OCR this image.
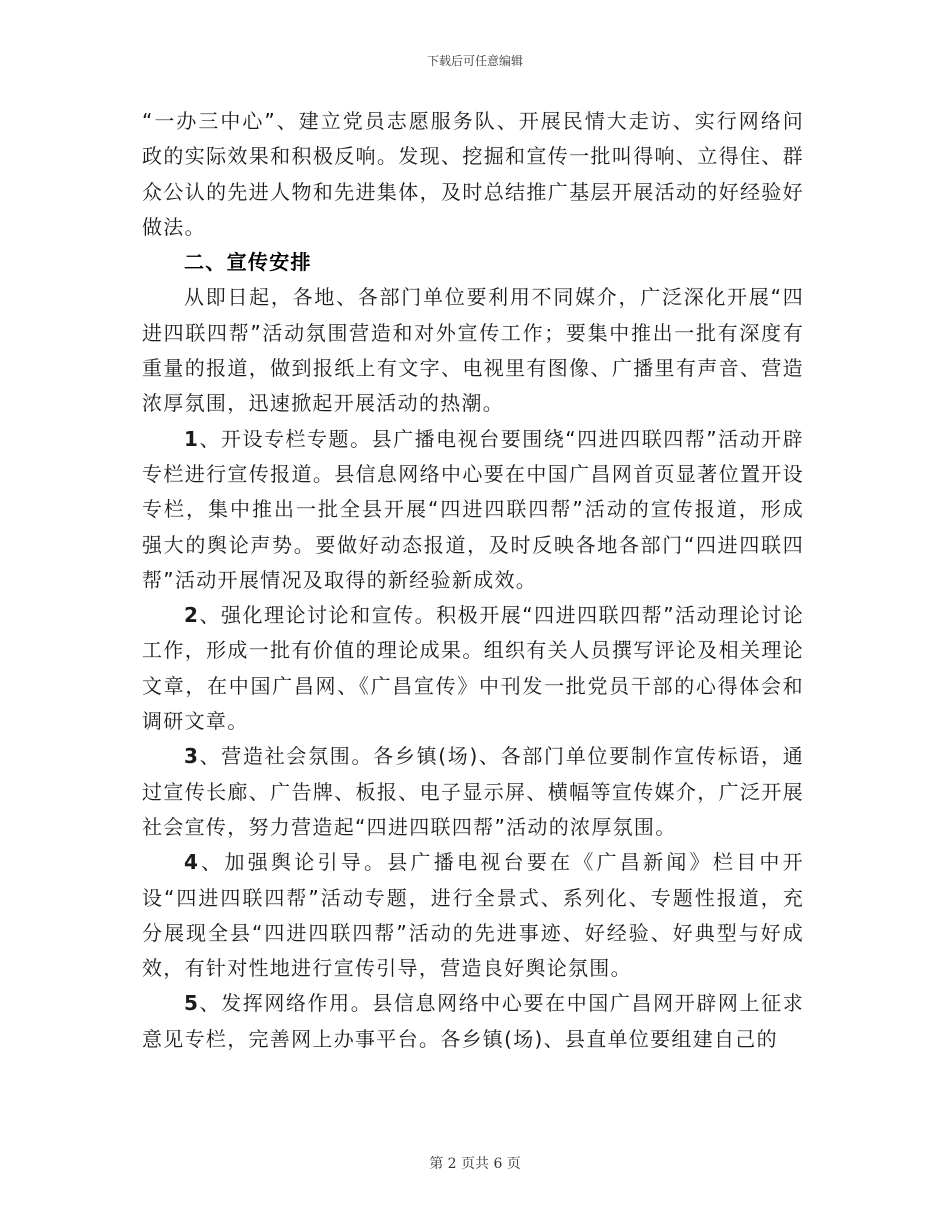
下载后可任意编辑

“一办三中心”、建立党员志愿服务队、开展民情大走访、实行网络问政的实际效果和积极反响。发现、挖掘和宣传一批叫得响、立得住、群众公认的先进人物和先进集体，及时总结推广基层开展活动的好经验好做法。

二、宣传安排

从即日起，各地、各部门单位要利用不同媒介，广泛深化开展“四进四联四帮”活动氛围营造和对外宣传工作；要集中推出一批有深度有重量的报道，做到报纸上有文字、电视里有图像、广播里有声音、营造浓厚氛围，迅速掀起开展活动的热潮。

1、开设专栏专题。县广播电视台要围绕“四进四联四帮”活动开辟专栏进行宣传报道。县信息网络中心要在中国广昌网首页显著位置开设专栏，集中推出一批全县开展“四进四联四帮”活动的宣传报道，形成强大的舆论声势。要做好动态报道，及时反映各地各部门“四进四联四帮”活动开展情况及取得的新经验新成效。

2、强化理论讨论和宣传。积极开展“四进四联四帮”活动理论讨论工作，形成一批有价值的理论成果。组织有关人员撰写评论及相关理论文章，在中国广昌网、《广昌宣传》中刊发一批党员干部的心得体会和调研文章。

3、营造社会氛围。各乡镇(场)、各部门单位要制作宣传标语，通过宣传长廊、广告牌、板报、电子显示屏、横幅等宣传媒介，广泛开展社会宣传，努力营造起“四进四联四帮”活动的浓厚氛围。

4、加强舆论引导。县广播电视台要在《广昌新闻》栏目中开设“四进四联四帮”活动专题，进行全景式、系列化、专题性报道，充分展现全县“四进四联四帮”活动的先进事迹、好经验、好典型与好成效，有针对性地进行宣传引导，营造良好舆论氛围。

5、发挥网络作用。县信息网络中心要在中国广昌网开辟网上征求意见专栏，完善网上办事平台。各乡镇(场)、县直单位要组建自己的

第 2 页共 6 页
